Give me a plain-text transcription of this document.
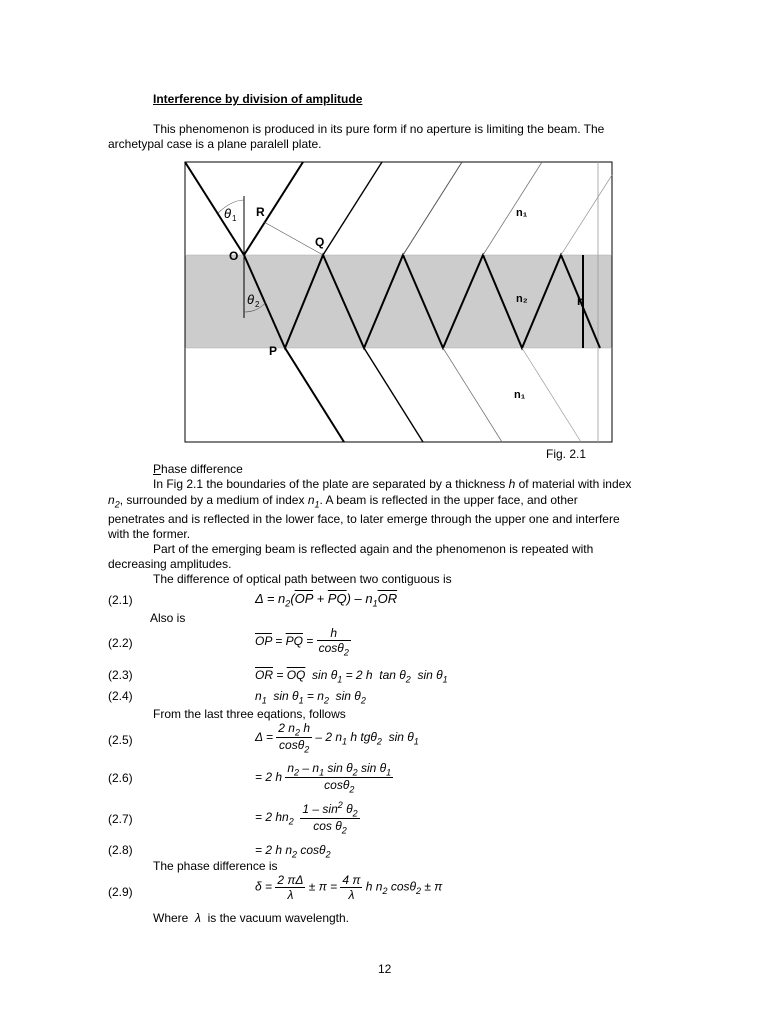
Interference by division of amplitude
This phenomenon is produced in its pure form if no aperture is limiting the beam. The
archetypal case is a plane paralell plate.
θ 1 R
Q
O
θ 2
P
n₁
n₂	h
n₁
Fig. 2.1
Phase difference
In Fig 2.1 the boundaries of the plate are separated by a thickness h of material with index
$n_2$, surrounded by a medium of index $n_1$. A beam is reflected in the upper face, and other
penetrates and is reflected in the lower face, to later emerge through the upper one and interfere
with the former.
Part of the emerging beam is reflected again and the phenomenon is repeated with
decreasing amplitudes.
The difference of optical path between two contiguous is
(2.1)	$\Delta = n_2(\overline{OP} + \overline{PQ}) - n_1\overline{OR}$
Also is
(2.2)	$\overline{OP} = \overline{PQ} = \frac{h}{\cos\theta_2}$
(2.3)	$\overline{OR} = \overline{OQ}$  $\sin \theta_1 = 2$ h  $\tan \theta_2$  $\sin \theta_1$
(2.4)	$n_1$  $\sin \theta_1 = n_2$  $\sin \theta_2$
From the last three eqations, follows
(2.5)	$\Delta = \frac{2 n_2 h}{\cos\theta_2} - 2$ $n_1$ h tgθ$_2$  $\sin \theta_1$
(2.6)	= 2 h $\frac{n_2 - n_1 \sin \theta_2 \sin \theta_1}{\cos\theta_2}$
(2.7)	= 2 $hn_2 \frac{1 - \sin^2 \theta_2}{\cos \theta_2}$
(2.8)	= 2 h $n_2$ cosθ$_2$
The phase difference is
(2.9)	$\delta = \frac{2 \pi\Delta}{\lambda} \pm \pi = \frac{4 \pi}{\lambda}$ h $n_2$ cosθ$_2$ ± π
Where λ is the vacuum wavelength.
12
